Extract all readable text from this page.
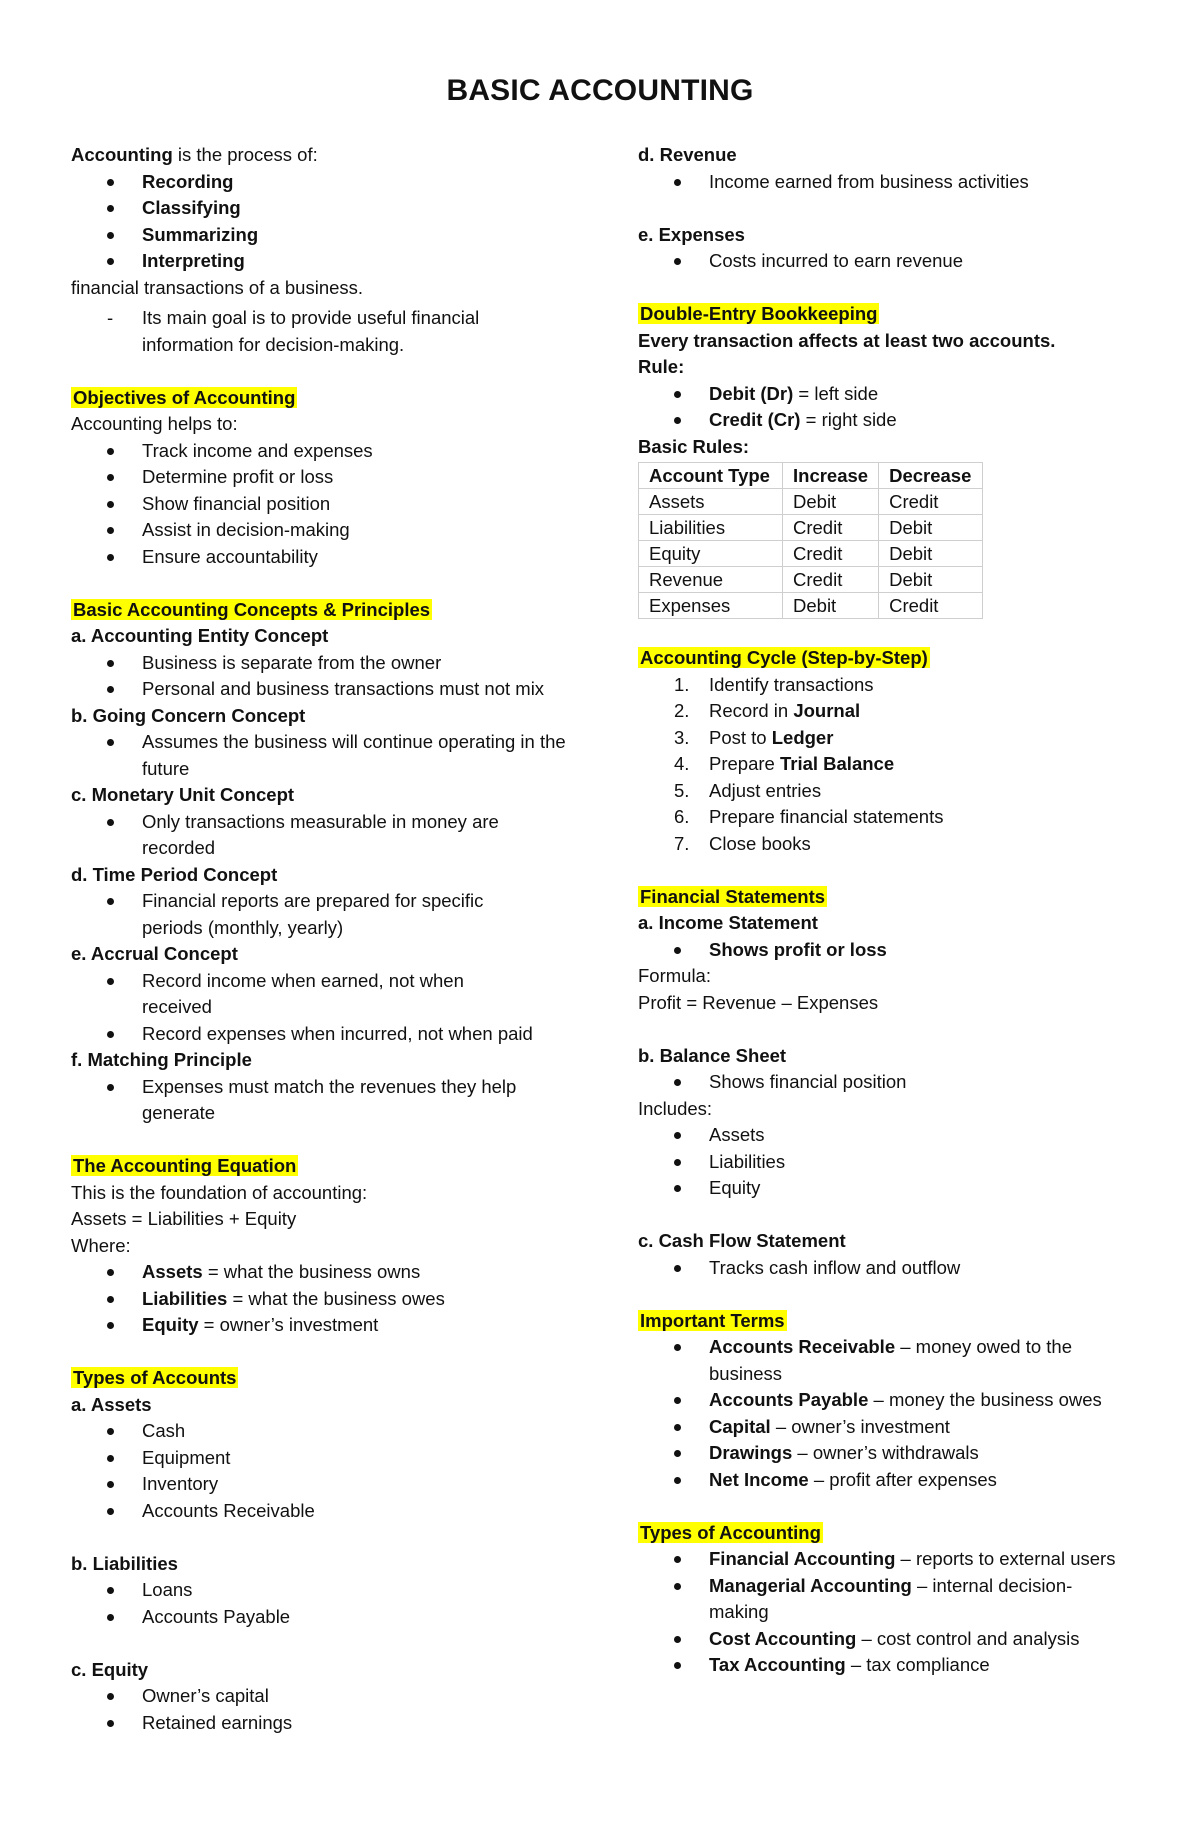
BASIC ACCOUNTING
Accounting is the process of:
Recording
Classifying
Summarizing
Interpreting
financial transactions of a business.
- Its main goal is to provide useful financial information for decision-making.
Objectives of Accounting
Accounting helps to:
Track income and expenses
Determine profit or loss
Show financial position
Assist in decision-making
Ensure accountability
Basic Accounting Concepts & Principles
a. Accounting Entity Concept
Business is separate from the owner
Personal and business transactions must not mix
b. Going Concern Concept
Assumes the business will continue operating in the future
c. Monetary Unit Concept
Only transactions measurable in money are recorded
d. Time Period Concept
Financial reports are prepared for specific periods (monthly, yearly)
e. Accrual Concept
Record income when earned, not when received
Record expenses when incurred, not when paid
f. Matching Principle
Expenses must match the revenues they help generate
The Accounting Equation
This is the foundation of accounting:
Assets = Liabilities + Equity
Where:
Assets = what the business owns
Liabilities = what the business owes
Equity = owner’s investment
Types of Accounts
a. Assets
Cash
Equipment
Inventory
Accounts Receivable
b. Liabilities
Loans
Accounts Payable
c. Equity
Owner’s capital
Retained earnings
d. Revenue
Income earned from business activities
e. Expenses
Costs incurred to earn revenue
Double-Entry Bookkeeping
Every transaction affects at least two accounts.
Rule:
Debit (Dr) = left side
Credit (Cr) = right side
Basic Rules:
Account Type	Increase	Decrease
Assets	Debit	Credit
Liabilities	Credit	Debit
Equity	Credit	Debit
Revenue	Credit	Debit
Expenses	Debit	Credit
Accounting Cycle (Step-by-Step)
1. Identify transactions
2. Record in Journal
3. Post to Ledger
4. Prepare Trial Balance
5. Adjust entries
6. Prepare financial statements
7. Close books
Financial Statements
a. Income Statement
Shows profit or loss
Formula:
Profit = Revenue – Expenses
b. Balance Sheet
Shows financial position
Includes:
Assets
Liabilities
Equity
c. Cash Flow Statement
Tracks cash inflow and outflow
Important Terms
Accounts Receivable – money owed to the business
Accounts Payable – money the business owes
Capital – owner’s investment
Drawings – owner’s withdrawals
Net Income – profit after expenses
Types of Accounting
Financial Accounting – reports to external users
Managerial Accounting – internal decision-making
Cost Accounting – cost control and analysis
Tax Accounting – tax compliance
